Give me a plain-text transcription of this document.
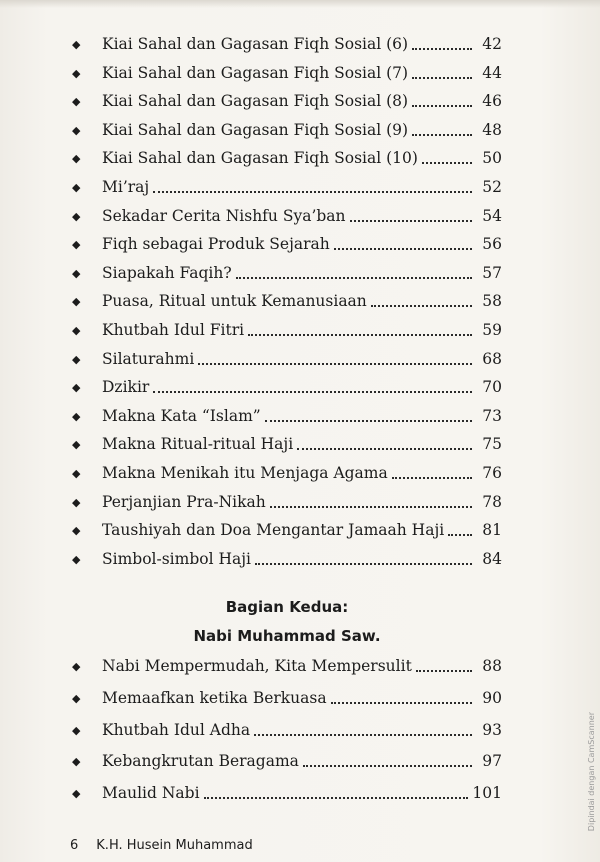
◆	Kiai Sahal dan Gagasan Fiqh Sosial (6)	42
◆	Kiai Sahal dan Gagasan Fiqh Sosial (7)	44
◆	Kiai Sahal dan Gagasan Fiqh Sosial (8)	46
◆	Kiai Sahal dan Gagasan Fiqh Sosial (9)	48
◆	Kiai Sahal dan Gagasan Fiqh Sosial (10)	50
◆	Mi’raj	52
◆	Sekadar Cerita Nishfu Sya’ban	54
◆	Fiqh sebagai Produk Sejarah	56
◆	Siapakah Faqih?	57
◆	Puasa, Ritual untuk Kemanusiaan	58
◆	Khutbah Idul Fitri	59
◆	Silaturahmi	68
◆	Dzikir	70
◆	Makna Kata “Islam”	73
◆	Makna Ritual-ritual Haji	75
◆	Makna Menikah itu Menjaga Agama	76
◆	Perjanjian Pra-Nikah	78
◆	Taushiyah dan Doa Mengantar Jamaah Haji	81
◆	Simbol-simbol Haji	84
Bagian Kedua:
Nabi Muhammad Saw.
◆	Nabi Mempermudah, Kita Mempersulit	88
◆	Memaafkan ketika Berkuasa	90
◆	Khutbah Idul Adha	93
◆	Kebangkrutan Beragama	97
◆	Maulid Nabi	101
6 K.H. Husein Muhammad
Dipindai dengan CamScanner
